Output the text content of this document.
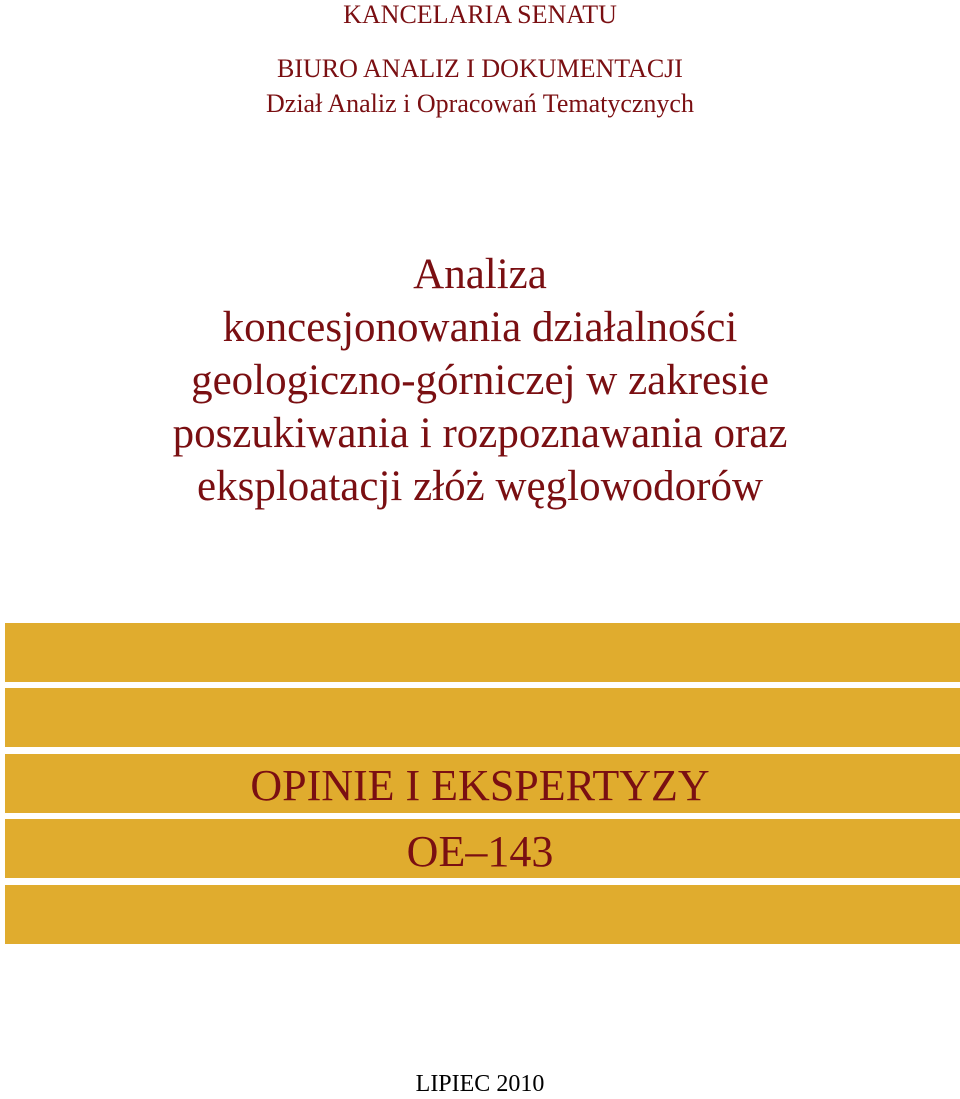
KANCELARIA SENATU
BIURO ANALIZ I DOKUMENTACJI
Dział Analiz i Opracowań Tematycznych
Analiza
koncesjonowania działalności
geologiczno-górniczej w zakresie
poszukiwania i rozpoznawania oraz
eksploatacji złóż węglowodorów
OPINIE I EKSPERTYZY
OE–143
LIPIEC 2010
